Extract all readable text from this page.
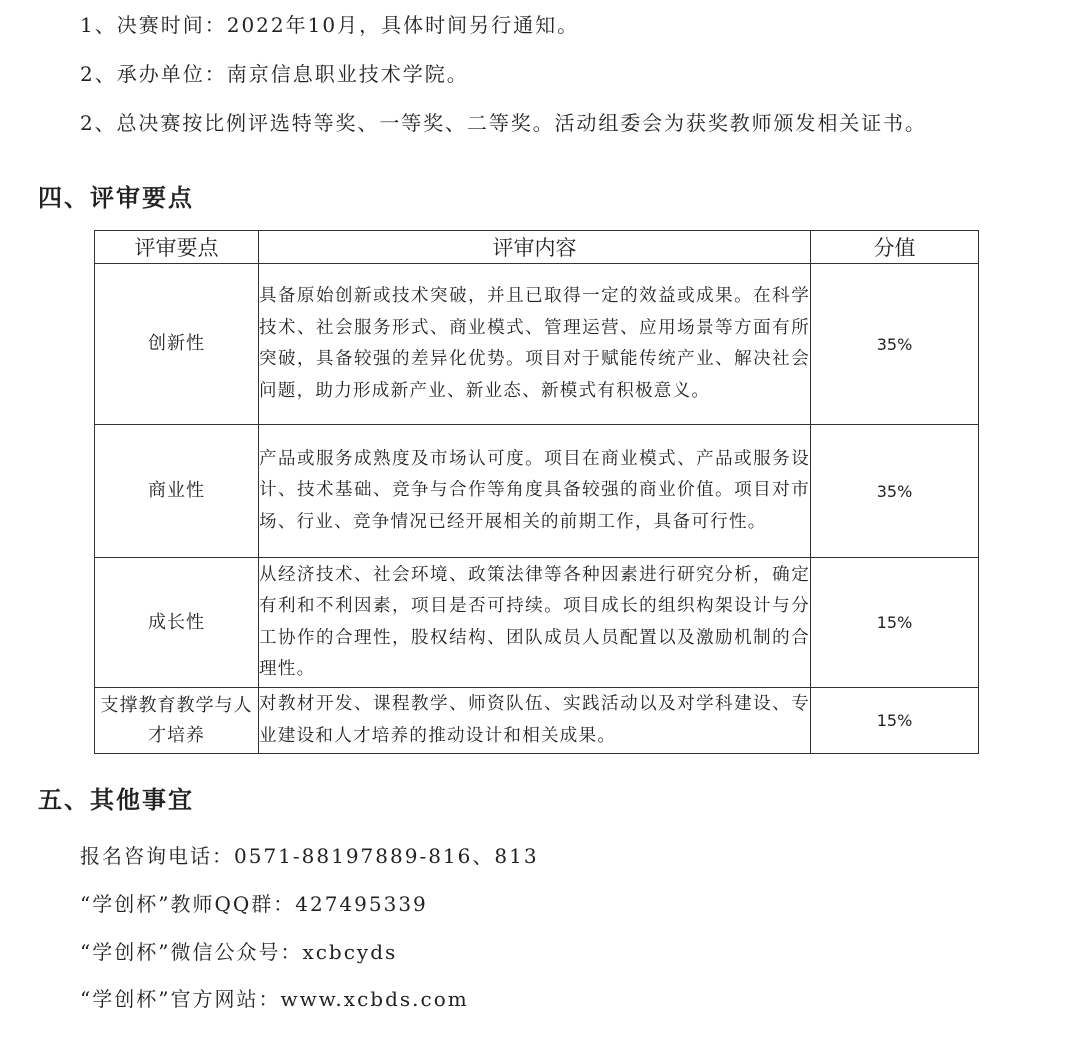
1、决赛时间：2022年10月，具体时间另行通知。
2、承办单位：南京信息职业技术学院。
2、总决赛按比例评选特等奖、一等奖、二等奖。活动组委会为获奖教师颁发相关证书。
四、评审要点
评审要点	评审内容	分值
创新性	具备原始创新或技术突破，并且已取得一定的效益或成果。在科学技术、社会服务形式、商业模式、管理运营、应用场景等方面有所突破，具备较强的差异化优势。项目对于赋能传统产业、解决社会问题，助力形成新产业、新业态、新模式有积极意义。	35%
商业性	产品或服务成熟度及市场认可度。项目在商业模式、产品或服务设计、技术基础、竞争与合作等角度具备较强的商业价值。项目对市场、行业、竞争情况已经开展相关的前期工作，具备可行性。	35%
成长性	从经济技术、社会环境、政策法律等各种因素进行研究分析，确定有利和不利因素，项目是否可持续。项目成长的组织构架设计与分工协作的合理性，股权结构、团队成员人员配置以及激励机制的合理性。	15%
支撑教育教学与人才培养	对教材开发、课程教学、师资队伍、实践活动以及对学科建设、专业建设和人才培养的推动设计和相关成果。	15%
五、其他事宜
报名咨询电话：0571-88197889-816、813
“学创杯”教师QQ群：427495339
“学创杯”微信公众号：xcbcyds
“学创杯”官方网站：www.xcbds.com
